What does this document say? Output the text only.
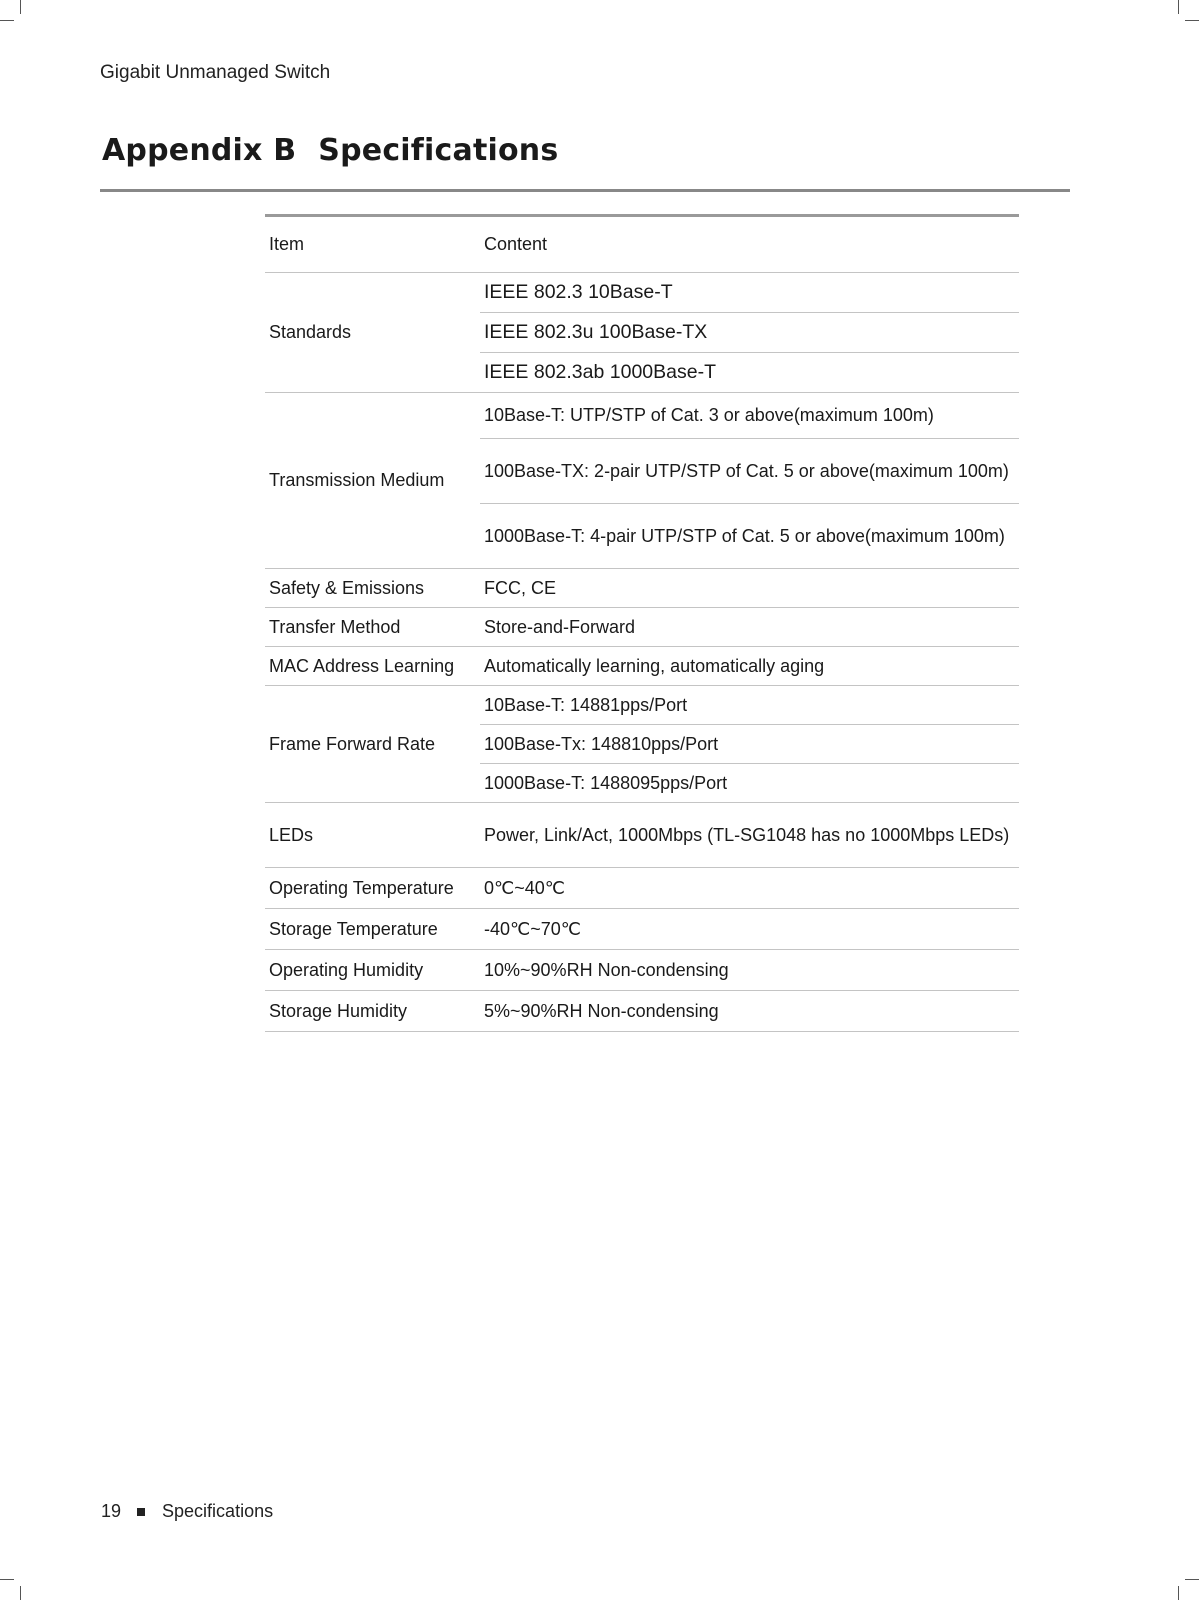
Gigabit Unmanaged Switch
Appendix B Specifications
Item	Content
Standards	IEEE 802.3 10Base-T
	IEEE 802.3u 100Base-TX
	IEEE 802.3ab 1000Base-T
Transmission Medium	10Base-T: UTP/STP of Cat. 3 or above(maximum 100m)
	100Base-TX: 2-pair UTP/STP of Cat. 5 or above(maximum 100m)
	1000Base-T: 4-pair UTP/STP of Cat. 5 or above(maximum 100m)
Safety & Emissions	FCC, CE
Transfer Method	Store-and-Forward
MAC Address Learning	Automatically learning, automatically aging
Frame Forward Rate	10Base-T: 14881pps/Port
	100Base-Tx: 148810pps/Port
	1000Base-T: 1488095pps/Port
LEDs	Power, Link/Act, 1000Mbps (TL-SG1048 has no 1000Mbps LEDs)
Operating Temperature	0℃~40℃
Storage Temperature	-40℃~70℃
Operating Humidity	10%~90%RH Non-condensing
Storage Humidity	5%~90%RH Non-condensing
19 Specifications
